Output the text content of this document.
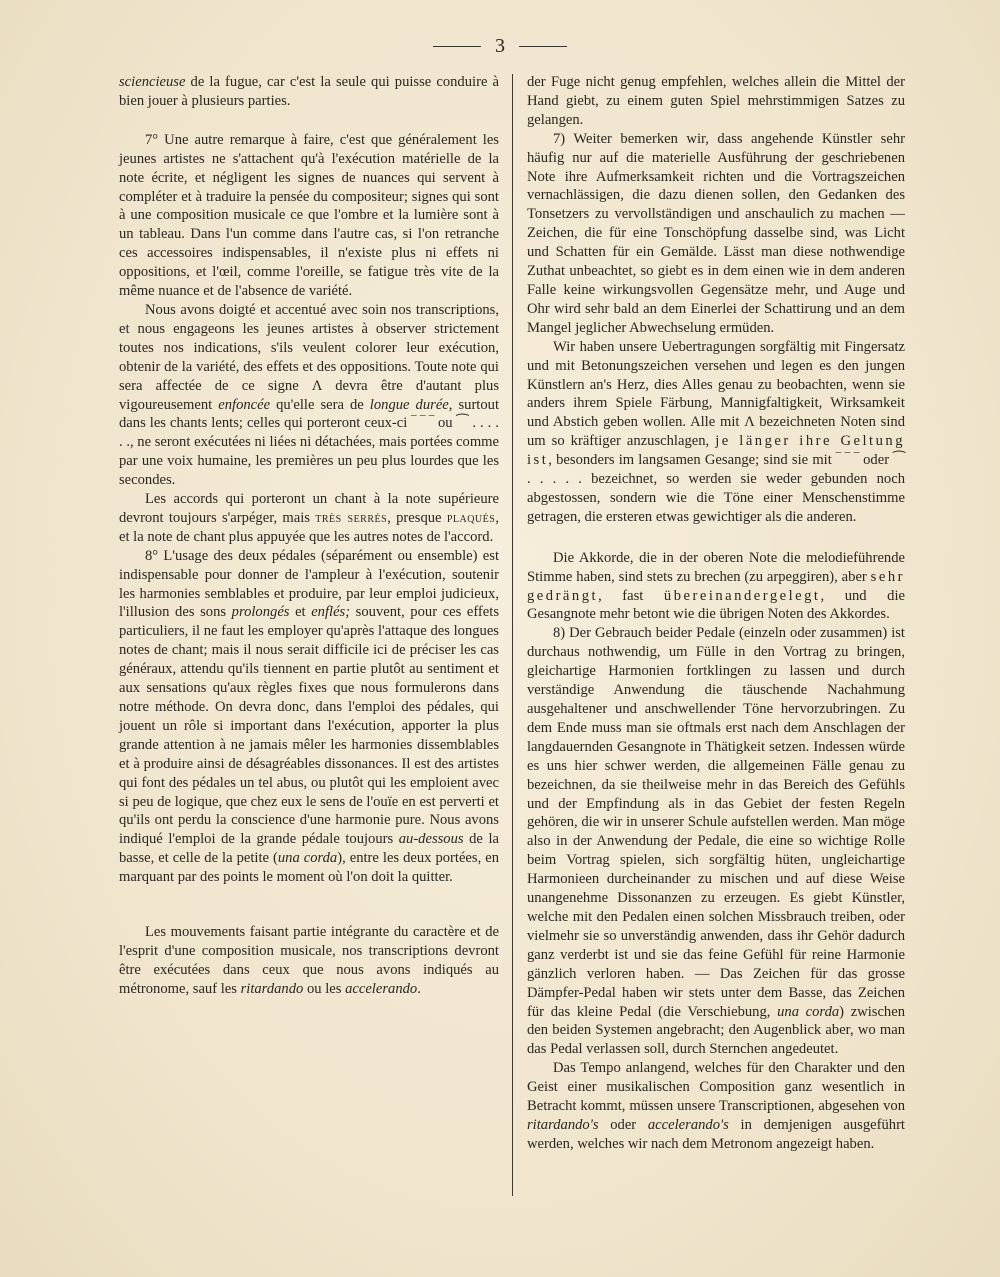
3

sciencieuse de la fugue, car c'est la seule qui puisse conduire à bien jouer à plusieurs parties.

7° Une autre remarque à faire, c'est que généralement les jeunes artistes ne s'attachent qu'à l'exécution matérielle de la note écrite, et négligent les signes de nuances qui servent à compléter et à traduire la pensée du compositeur; signes qui sont à une composition musicale ce que l'ombre et la lumière sont à un tableau. Dans l'un comme dans l'autre cas, si l'on retranche ces accessoires indispensables, il n'existe plus ni effets ni oppositions, et l'œil, comme l'oreille, se fatigue très vite de la même nuance et de l'absence de variété.

Nous avons doigté et accentué avec soin nos transcriptions, et nous engageons les jeunes artistes à observer strictement toutes nos indications, s'ils veulent colorer leur exécution, obtenir de la variété, des effets et des oppositions. Toute note qui sera affectée de ce signe Λ devra être d'autant plus vigoureusement enfoncée qu'elle sera de longue durée, surtout dans les chants lents; celles qui porteront ceux-ci ‾ ‾ ‾ ou ⁀ . . . . . ., ne seront exécutées ni liées ni détachées, mais portées comme par une voix humaine, les premières un peu plus lourdes que les secondes.

Les accords qui porteront un chant à la note supérieure devront toujours s'arpéger, mais très serrés, presque plaqués, et la note de chant plus appuyée que les autres notes de l'accord.

8° L'usage des deux pédales (séparément ou ensemble) est indispensable pour donner de l'ampleur à l'exécution, soutenir les harmonies semblables et produire, par leur emploi judicieux, l'illusion des sons prolongés et enflés; souvent, pour ces effets particuliers, il ne faut les employer qu'après l'attaque des longues notes de chant; mais il nous serait difficile ici de préciser les cas généraux, attendu qu'ils tiennent en partie plutôt au sentiment et aux sensations qu'aux règles fixes que nous formulerons dans notre méthode. On devra donc, dans l'emploi des pédales, qui jouent un rôle si important dans l'exécution, apporter la plus grande attention à ne jamais mêler les harmonies dissemblables et à produire ainsi de désagréables dissonances. Il est des artistes qui font des pédales un tel abus, ou plutôt qui les emploient avec si peu de logique, que chez eux le sens de l'ouïe en est perverti et qu'ils ont perdu la conscience d'une harmonie pure. Nous avons indiqué l'emploi de la grande pédale toujours au-dessous de la basse, et celle de la petite (una corda), entre les deux portées, en marquant par des points le moment où l'on doit la quitter.

Les mouvements faisant partie intégrante du caractère et de l'esprit d'une composition musicale, nos transcriptions devront être exécutées dans ceux que nous avons indiqués au métronome, sauf les ritardando ou les accelerando.

der Fuge nicht genug empfehlen, welches allein die Mittel der Hand giebt, zu einem guten Spiel mehrstimmigen Satzes zu gelangen.

7) Weiter bemerken wir, dass angehende Künstler sehr häufig nur auf die materielle Ausführung der geschriebenen Note ihre Aufmerksamkeit richten und die Vortragszeichen vernachlässigen, die dazu dienen sollen, den Gedanken des Tonsetzers zu vervollständigen und anschaulich zu machen — Zeichen, die für eine Tonschöpfung dasselbe sind, was Licht und Schatten für ein Gemälde. Lässt man diese nothwendige Zuthat unbeachtet, so giebt es in dem einen wie in dem anderen Falle keine wirkungsvollen Gegensätze mehr, und Auge und Ohr wird sehr bald an dem Einerlei der Schattirung und an dem Mangel jeglicher Abwechselung ermüden.

Wir haben unsere Uebertragungen sorgfältig mit Fingersatz und mit Betonungszeichen versehen und legen es den jungen Künstlern an's Herz, dies Alles genau zu beobachten, wenn sie anders ihrem Spiele Färbung, Mannigfaltigkeit, Wirksamkeit und Abstich geben wollen. Alle mit Λ bezeichneten Noten sind um so kräftiger anzuschlagen, je länger ihre Geltung ist, besonders im langsamen Gesange; sind sie mit ‾ ‾ ‾ oder ⁀ . . . . . bezeichnet, so werden sie weder gebunden noch abgestossen, sondern wie die Töne einer Menschenstimme getragen, die ersteren etwas gewichtiger als die anderen.

Die Akkorde, die in der oberen Note die melodieführende Stimme haben, sind stets zu brechen (zu arpeggiren), aber sehr gedrängt, fast übereinandergelegt, und die Gesangnote mehr betont wie die übrigen Noten des Akkordes.

8) Der Gebrauch beider Pedale (einzeln oder zusammen) ist durchaus nothwendig, um Fülle in den Vortrag zu bringen, gleichartige Harmonien fortklingen zu lassen und durch verständige Anwendung die täuschende Nachahmung ausgehaltener und anschwellender Töne hervorzubringen. Zu dem Ende muss man sie oftmals erst nach dem Anschlagen der langdauernden Gesangnote in Thätigkeit setzen. Indessen würde es uns hier schwer werden, die allgemeinen Fälle genau zu bezeichnen, da sie theilweise mehr in das Bereich des Gefühls und der Empfindung als in das Gebiet der festen Regeln gehören, die wir in unserer Schule aufstellen werden. Man möge also in der Anwendung der Pedale, die eine so wichtige Rolle beim Vortrag spielen, sich sorgfältig hüten, ungleichartige Harmonieen durcheinander zu mischen und auf diese Weise unangenehme Dissonanzen zu erzeugen. Es giebt Künstler, welche mit den Pedalen einen solchen Missbrauch treiben, oder vielmehr sie so unverständig anwenden, dass ihr Gehör dadurch ganz verderbt ist und sie das feine Gefühl für reine Harmonie gänzlich verloren haben. — Das Zeichen für das grosse Dämpfer-Pedal haben wir stets unter dem Basse, das Zeichen für das kleine Pedal (die Verschiebung, una corda) zwischen den beiden Systemen angebracht; den Augenblick aber, wo man das Pedal verlassen soll, durch Sternchen angedeutet.

Das Tempo anlangend, welches für den Charakter und den Geist einer musikalischen Composition ganz wesentlich in Betracht kommt, müssen unsere Transcriptionen, abgesehen von ritardando's oder accelerando's in demjenigen ausgeführt werden, welches wir nach dem Metronom angezeigt haben.
